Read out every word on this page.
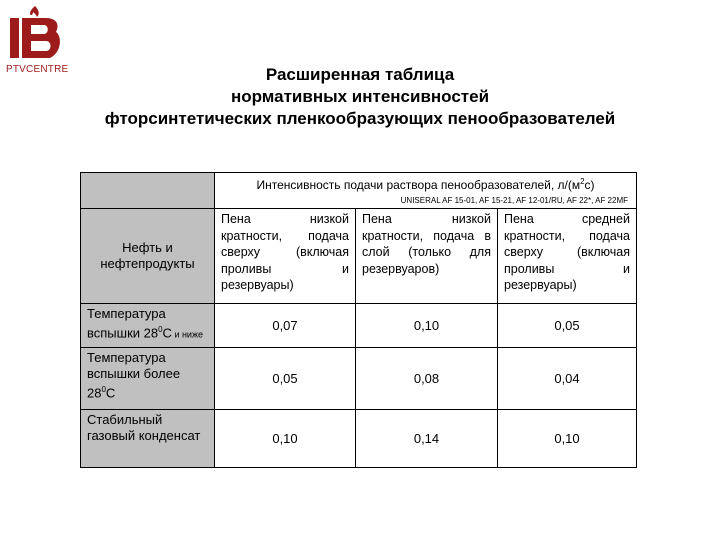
PTVCENTRE	Расширенная таблица
нормативных интенсивностей
фторсинтетических пленкообразующих пенообразователей
	Интенсивность подачи раствора пенообразователей, $л/(м^2с)$
UNISERAL AF 15-01, AF 15-21, AF 12-01/RU, AF 22*, AF 22MF		

Нефть и нефтепродукты	Пена низкой кратности, подача сверху (включая проливы и резервуары)	Пена низкой кратности, подача в слой (только для резервуаров)	Пена средней кратности, подача сверху (включая проливы и резервуары)
Температура вспышки $28^0С$ и ниже	0,07	0,10	0,05
Температура вспышки более $28^0С$	0,05	0,08	0,04
Стабильный газовый конденсат	0,10	0,14	0,10
